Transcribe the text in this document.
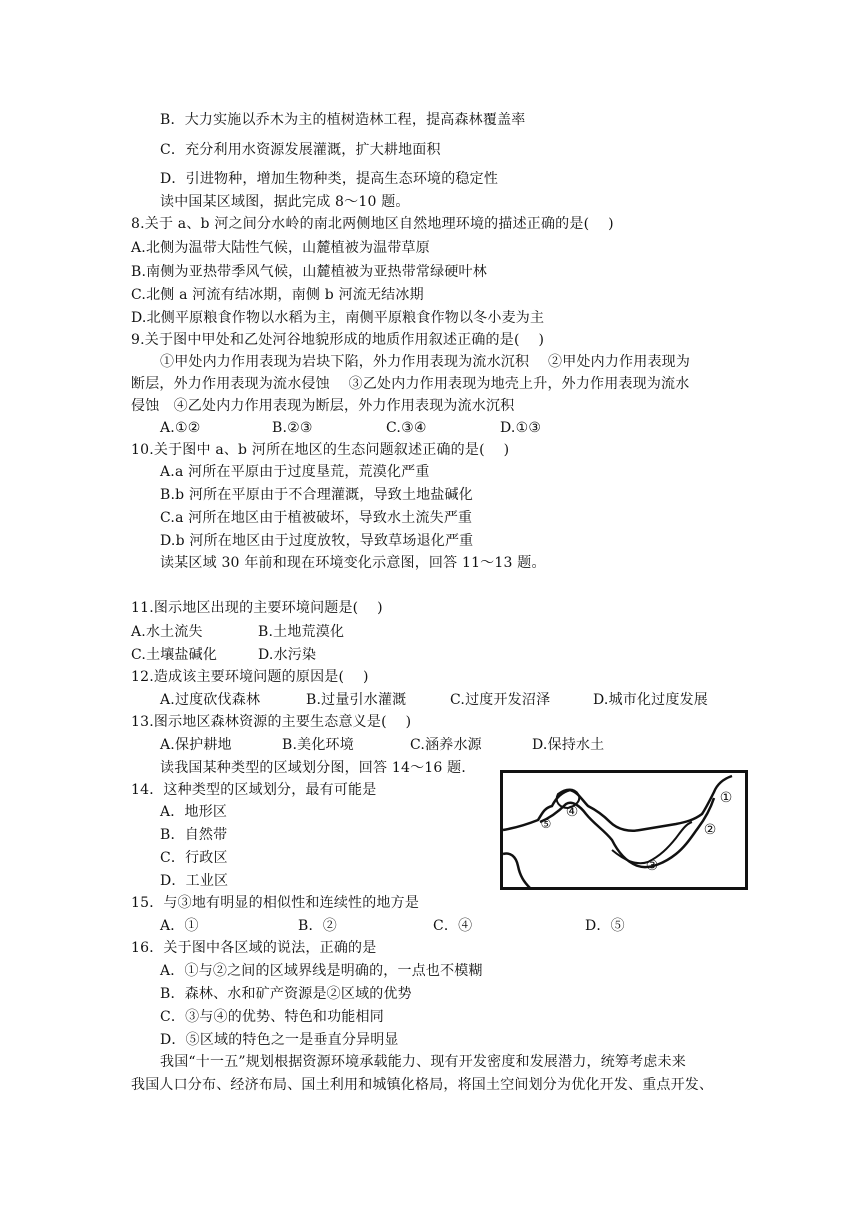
B．大力实施以乔木为主的植树造林工程，提高森林覆盖率
C．充分利用水资源发展灌溉，扩大耕地面积
D．引进物种，增加生物种类，提高生态环境的稳定性
读中国某区域图，据此完成 8～10 题。
8.关于 a、b 河之间分水岭的南北两侧地区自然地理环境的描述正确的是(　 )
A.北侧为温带大陆性气候，山麓植被为温带草原
B.南侧为亚热带季风气候，山麓植被为亚热带常绿硬叶林
C.北侧 a 河流有结冰期，南侧 b 河流无结冰期
D.北侧平原粮食作物以水稻为主，南侧平原粮食作物以冬小麦为主
9.关于图中甲处和乙处河谷地貌形成的地质作用叙述正确的是(　 )
①甲处内力作用表现为岩块下陷，外力作用表现为流水沉积　 ②甲处内力作用表现为
断层，外力作用表现为流水侵蚀　 ③乙处内力作用表现为地壳上升，外力作用表现为流水
侵蚀　④乙处内力作用表现为断层，外力作用表现为流水沉积
A.①②	B.②③	C.③④	D.①③
10.关于图中 a、b 河所在地区的生态问题叙述正确的是(　 )
A.a 河所在平原由于过度垦荒，荒漠化严重
B.b 河所在平原由于不合理灌溉，导致土地盐碱化
C.a 河所在地区由于植被破坏，导致水土流失严重
D.b 河所在地区由于过度放牧，导致草场退化严重
读某区域 30 年前和现在环境变化示意图，回答 11～13 题。
11.图示地区出现的主要环境问题是(　 )
A.水土流失	B.土地荒漠化
C.土壤盐碱化	D.水污染
12.造成该主要环境问题的原因是(　 )
A.过度砍伐森林	B.过量引水灌溉	C.过度开发沼泽	D.城市化过度发展
13.图示地区森林资源的主要生态意义是(　 )
A.保护耕地	B.美化环境	C.涵养水源	D.保持水土
读我国某种类型的区域划分图，回答 14～16 题．
14．这种类型的区域划分，最有可能是
A．地形区
B．自然带
C．行政区
D．工业区
15．与③地有明显的相似性和连续性的地方是
A．①	B．②	C．④	D．⑤
16．关于图中各区域的说法，正确的是
A．①与②之间的区域界线是明确的，一点也不模糊
B．森林、水和矿产资源是②区域的优势
C．③与④的优势、特色和功能相同
D．⑤区域的特色之一是垂直分异明显
我国“十一五”规划根据资源环境承载能力、现有开发密度和发展潜力，统筹考虑未来
我国人口分布、经济布局、国土利用和城镇化格局，将国土空间划分为优化开发、重点开发、
①
②
③
④
⑤
